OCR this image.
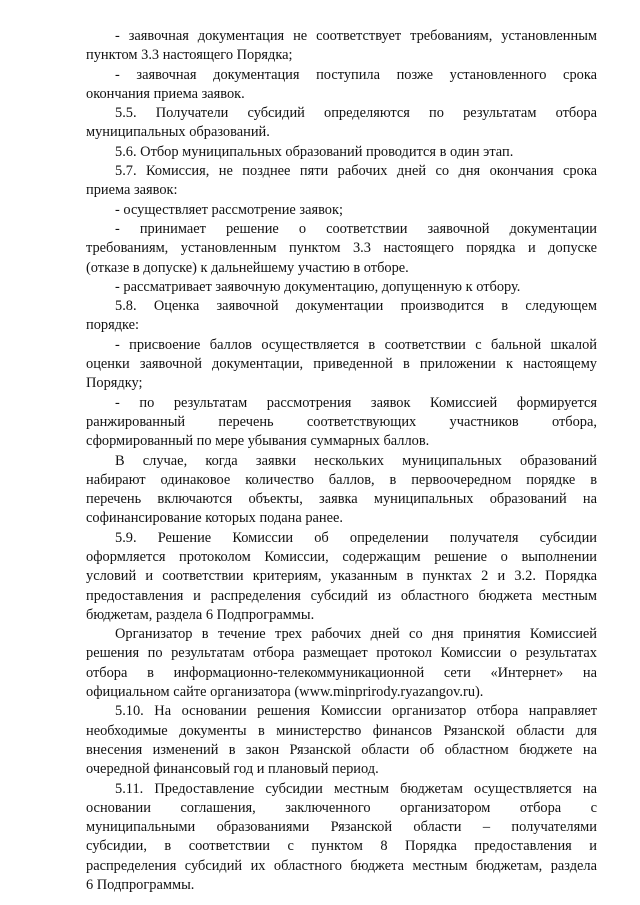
- заявочная документация не соответствует требованиям, установленным
пунктом 3.3 настоящего Порядка;
- заявочная документация поступила позже установленного срока
окончания приема заявок.
5.5. Получатели субсидий определяются по результатам отбора
муниципальных образований.
5.6. Отбор муниципальных образований проводится в один этап.
5.7. Комиссия, не позднее пяти рабочих дней со дня окончания срока
приема заявок:
- осуществляет рассмотрение заявок;
- принимает решение о соответствии заявочной документации
требованиям, установленным пунктом 3.3 настоящего порядка и допуске
(отказе в допуске) к дальнейшему участию в отборе.
- рассматривает заявочную документацию, допущенную к отбору.
5.8. Оценка заявочной документации производится в следующем
порядке:
- присвоение баллов осуществляется в соответствии с бальной шкалой
оценки заявочной документации, приведенной в приложении к настоящему
Порядку;
- по результатам рассмотрения заявок Комиссией формируется
ранжированный перечень соответствующих участников отбора,
сформированный по мере убывания суммарных баллов.
В случае, когда заявки нескольких муниципальных образований
набирают одинаковое количество баллов, в первоочередном порядке в
перечень включаются объекты, заявка муниципальных образований на
софинансирование которых подана ранее.
5.9. Решение Комиссии об определении получателя субсидии
оформляется протоколом Комиссии, содержащим решение о выполнении
условий и соответствии критериям, указанным в пунктах 2 и 3.2. Порядка
предоставления и распределения субсидий из областного бюджета местным
бюджетам, раздела 6 Подпрограммы.
Организатор в течение трех рабочих дней со дня принятия Комиссией
решения по результатам отбора размещает протокол Комиссии о результатах
отбора в информационно-телекоммуникационной сети «Интернет» на
официальном сайте организатора (www.minprirody.ryazangov.ru).
5.10. На основании решения Комиссии организатор отбора направляет
необходимые документы в министерство финансов Рязанской области для
внесения изменений в закон Рязанской области об областном бюджете на
очередной финансовый год и плановый период.
5.11. Предоставление субсидии местным бюджетам осуществляется на
основании соглашения, заключенного организатором отбора с
муниципальными образованиями Рязанской области – получателями
субсидии, в соответствии с пунктом 8 Порядка предоставления и
распределения субсидий их областного бюджета местным бюджетам, раздела
6 Подпрограммы.
